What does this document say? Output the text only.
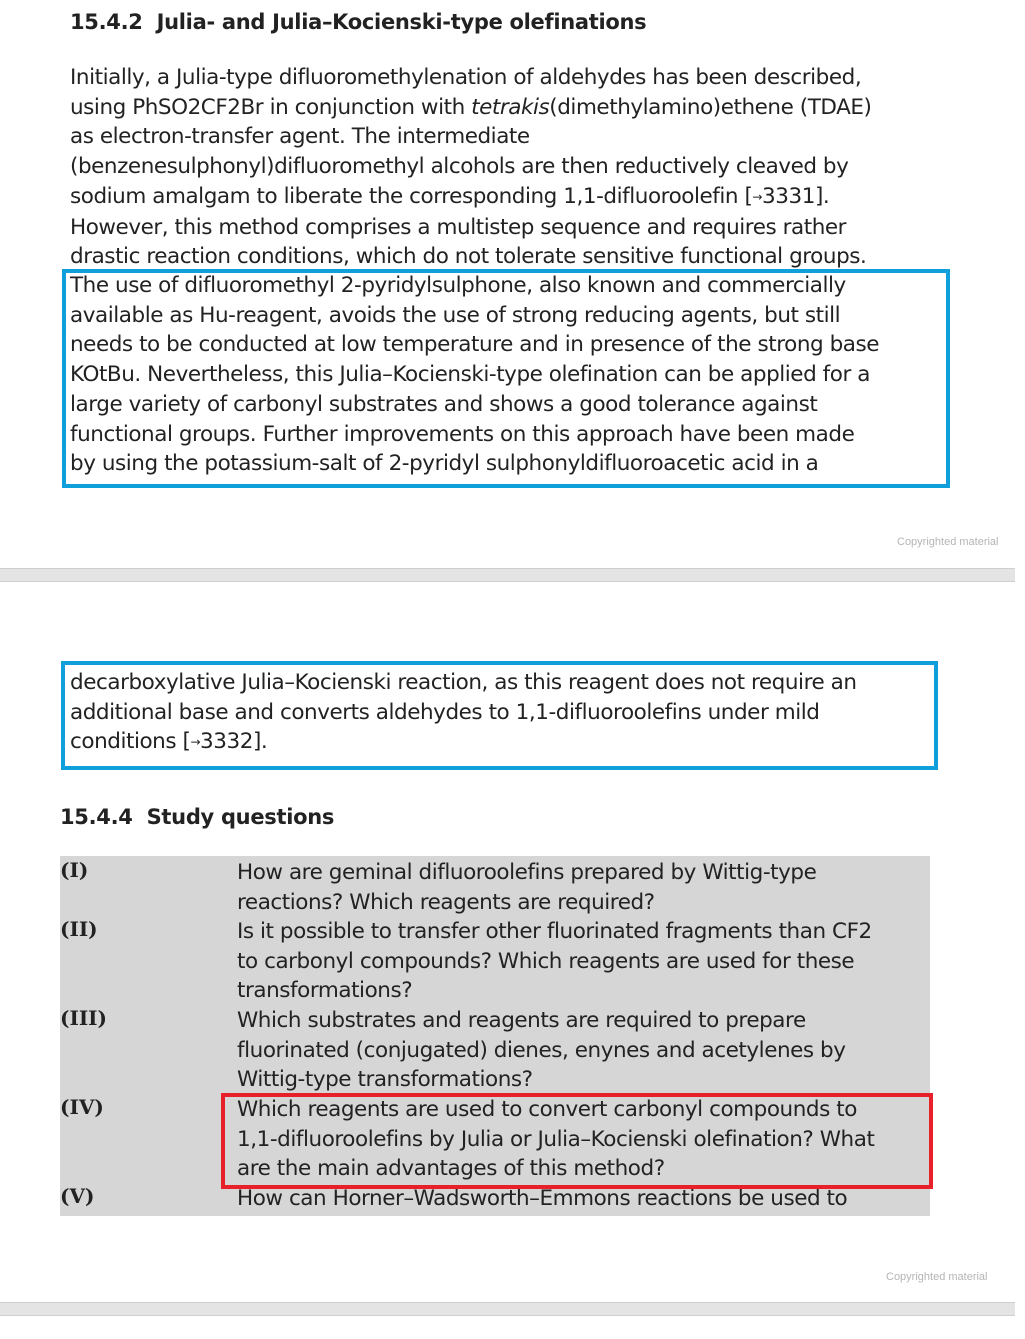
15.4.2 Julia- and Julia–Kocienski-type olefinations
Initially, a Julia-type difluoromethylenation of aldehydes has been described,
using PhSO2CF2Br in conjunction with tetrakis(dimethylamino)ethene (TDAE)
as electron-transfer agent. The intermediate
(benzenesulphonyl)difluoromethyl alcohols are then reductively cleaved by
sodium amalgam to liberate the corresponding 1,1-difluoroolefin [→3331].
However, this method comprises a multistep sequence and requires rather
drastic reaction conditions, which do not tolerate sensitive functional groups.
The use of difluoromethyl 2-pyridylsulphone, also known and commercially
available as Hu-reagent, avoids the use of strong reducing agents, but still
needs to be conducted at low temperature and in presence of the strong base
KOtBu. Nevertheless, this Julia–Kocienski-type olefination can be applied for a
large variety of carbonyl substrates and shows a good tolerance against
functional groups. Further improvements on this approach have been made
by using the potassium-salt of 2-pyridyl sulphonyldifluoroacetic acid in a
Copyrighted material
decarboxylative Julia–Kocienski reaction, as this reagent does not require an
additional base and converts aldehydes to 1,1-difluoroolefins under mild
conditions [→3332].
15.4.4 Study questions
(I)	How are geminal difluoroolefins prepared by Wittig-type
reactions? Which reagents are required?
(II)	Is it possible to transfer other fluorinated fragments than CF2
to carbonyl compounds? Which reagents are used for these
transformations?
(III)	Which substrates and reagents are required to prepare
fluorinated (conjugated) dienes, enynes and acetylenes by
Wittig-type transformations?
(IV)	Which reagents are used to convert carbonyl compounds to
1,1-difluoroolefins by Julia or Julia–Kocienski olefination? What
are the main advantages of this method?
(V)	How can Horner–Wadsworth–Emmons reactions be used to
Copyrighted material
